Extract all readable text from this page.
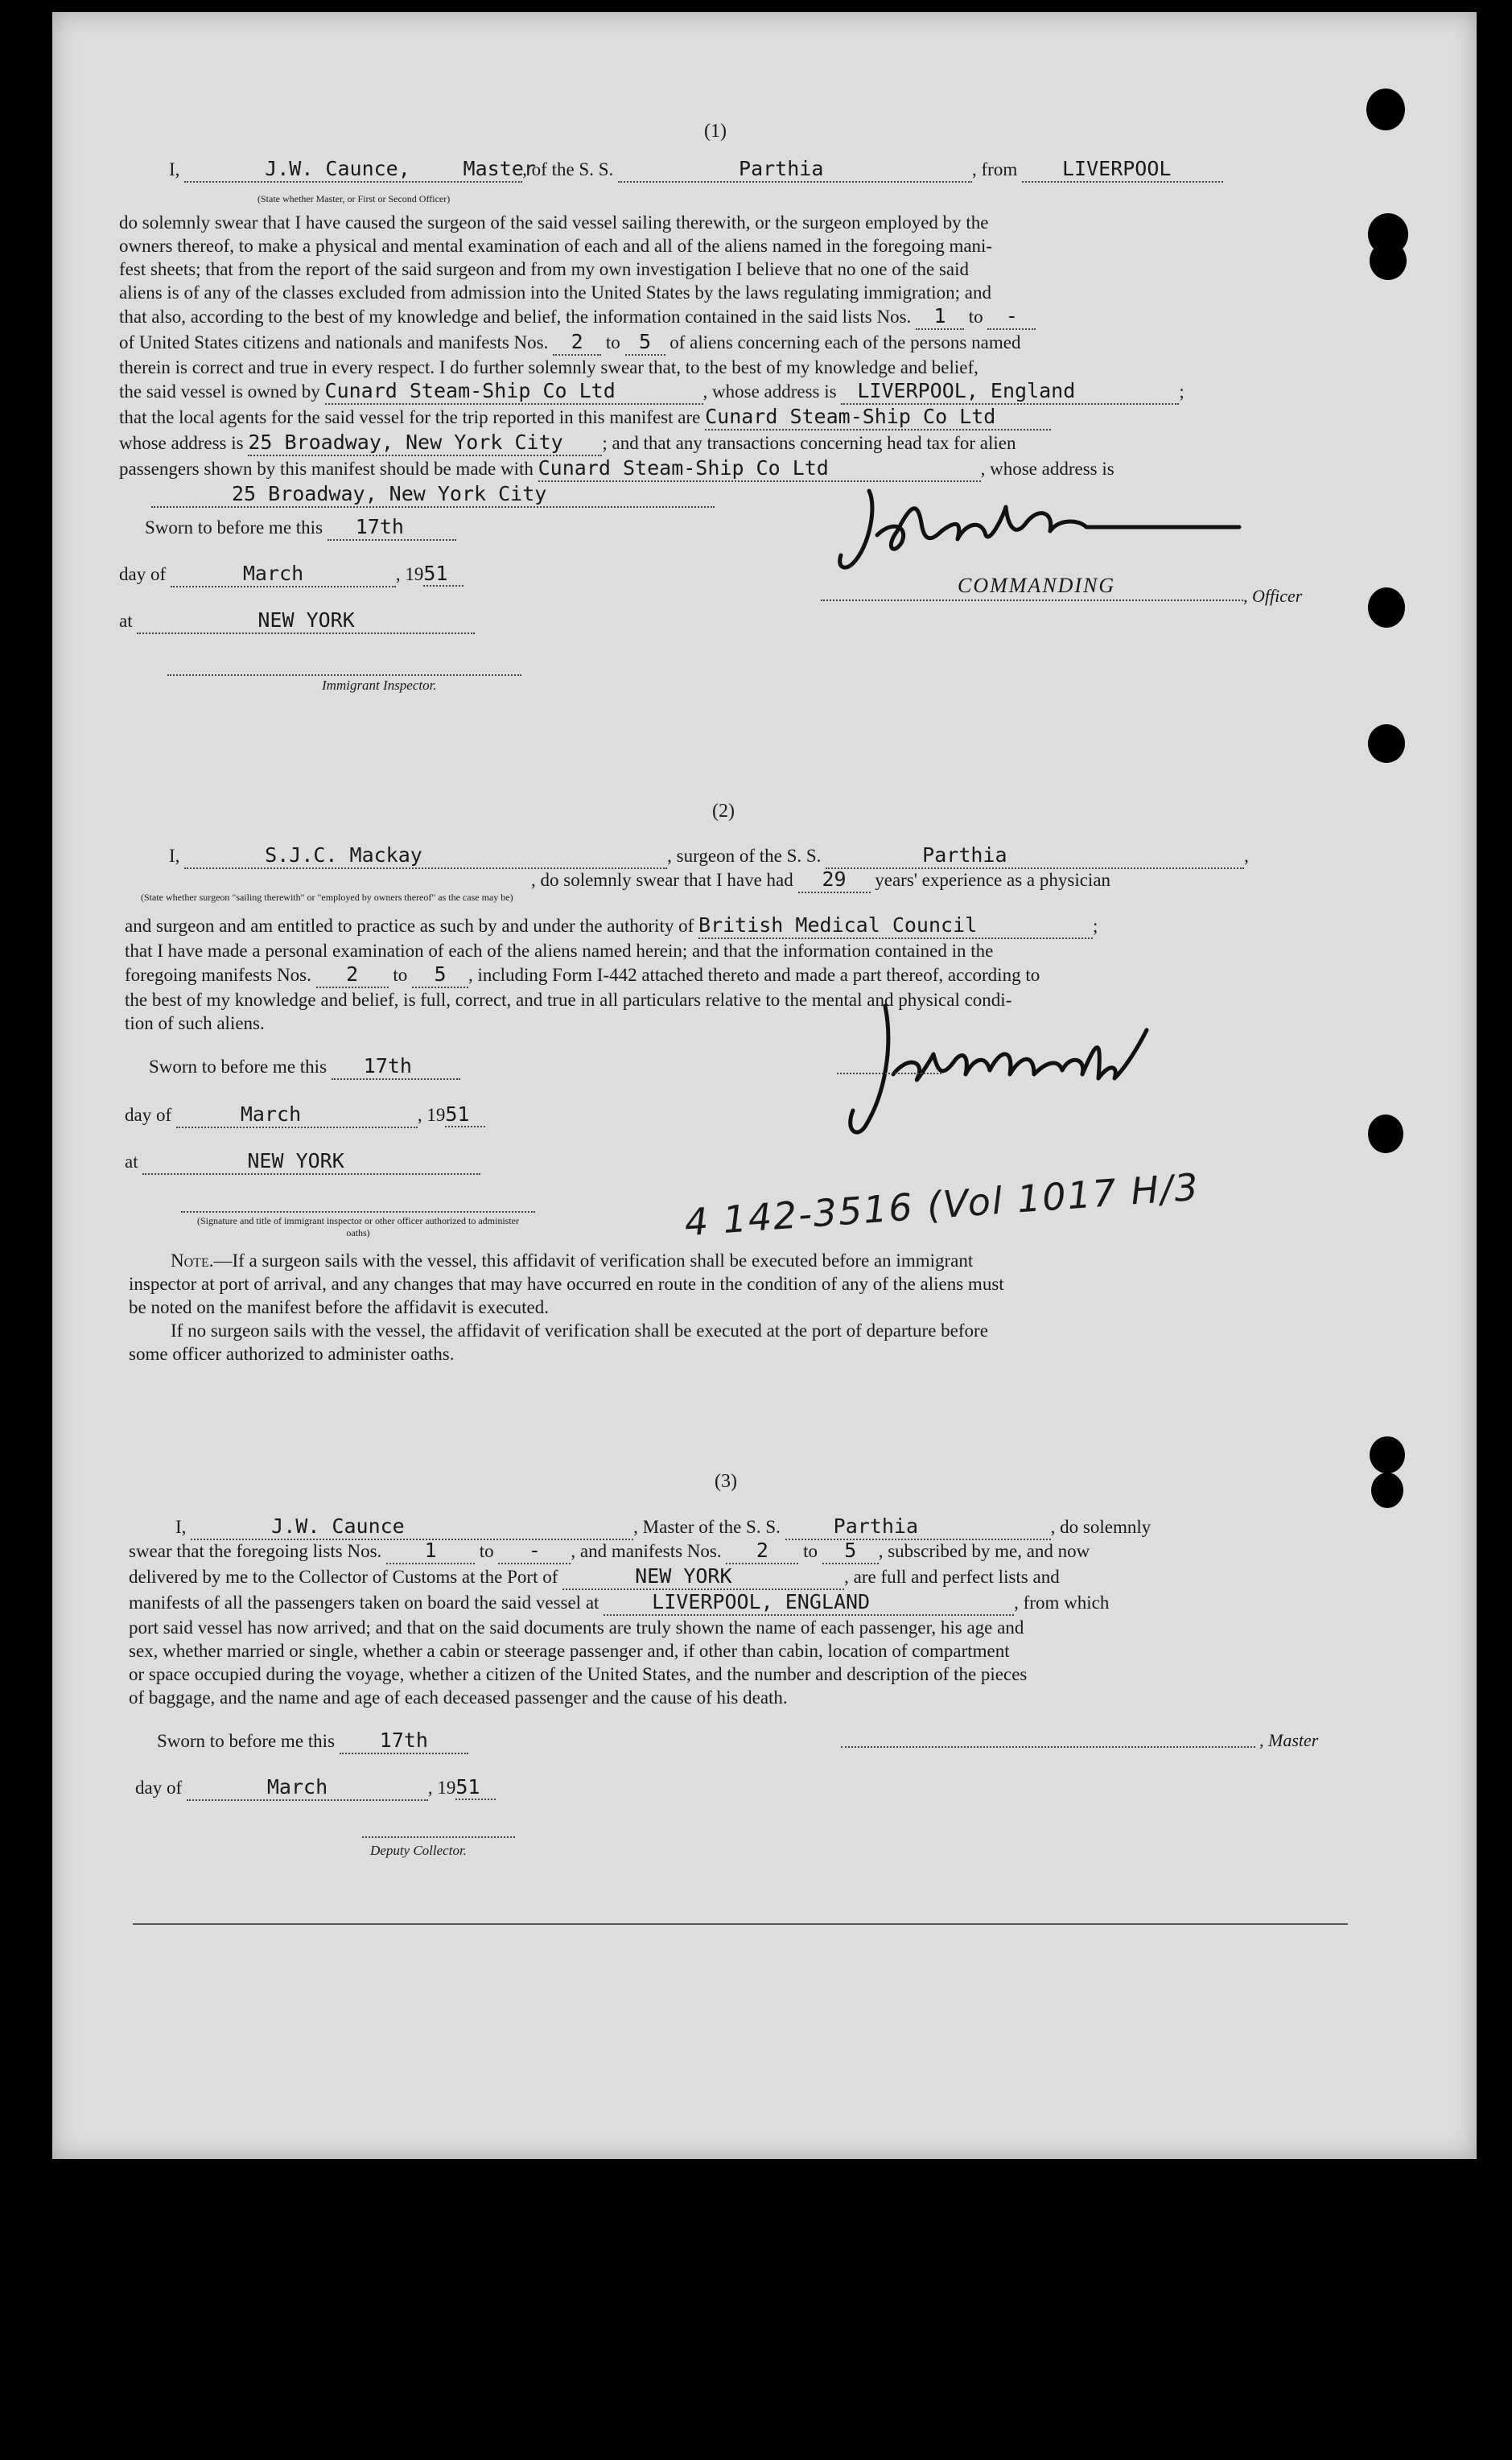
(1)
I,	J.W. Caunce,	Master, of the S. S.	Parthia	, from LIVERPOOL
(State whether Master, or First or Second Officer)
do solemnly swear that I have caused the surgeon of the said vessel sailing therewith, or the surgeon employed by the
owners thereof, to make a physical and mental examination of each and all of the aliens named in the foregoing mani-
fest sheets; that from the report of the said surgeon and from my own investigation I believe that no one of the said
aliens is of any of the classes excluded from admission into the United States by the laws regulating immigration; and
that also, according to the best of my knowledge and belief, the information contained in the said lists Nos. 1 to -
of United States citizens and nationals and manifests Nos. 2 to 5 of aliens concerning each of the persons named
therein is correct and true in every respect. I do further solemnly swear that, to the best of my knowledge and belief,
the said vessel is owned by Cunard Steam-Ship Co Ltd	, whose address is LIVERPOOL, England	;
that the local agents for the said vessel for the trip reported in this manifest are Cunard Steam-Ship Co Ltd
whose address is 25 Broadway, New York City ; and that any transactions concerning head tax for alien
passengers shown by this manifest should be made with Cunard Steam-Ship Co Ltd	, whose address is
25 Broadway, New York City
Sworn to before me this 17th
day of	March	, 1951
at	NEW YORK
Immigrant Inspector.
COMMANDING	, Officer
(2)
I,	S.J.C. Mackay	, surgeon of the S. S.	Parthia	,
, do solemnly swear that I have had 29 years' experience as a physician
(State whether surgeon "sailing therewith" or "employed by owners thereof" as the case may be)
and surgeon and am entitled to practice as such by and under the authority of British Medical Council	;
that I have made a personal examination of each of the aliens named herein; and that the information contained in the
foregoing manifests Nos. 2 to 5 , including Form I-442 attached thereto and made a part thereof, according to
the best of my knowledge and belief, is full, correct, and true in all particulars relative to the mental and physical condi-
tion of such aliens.
Sworn to before me this 17th
day of	March	, 1951
at	NEW YORK
(Signature and title of immigrant inspector or other officer authorized to administer oaths)	4 142-3516 (Vol 1017 H/3
Note.—If a surgeon sails with the vessel, this affidavit of verification shall be executed before an immigrant
inspector at port of arrival, and any changes that may have occurred en route in the condition of any of the aliens must
be noted on the manifest before the affidavit is executed.
If no surgeon sails with the vessel, the affidavit of verification shall be executed at the port of departure before
some officer authorized to administer oaths.
(3)
I,	J.W. Caunce	, Master of the S. S.	Parthia	, do solemnly
swear that the foregoing lists Nos. 1 to - , and manifests Nos. 2 to 5 , subscribed by me, and now
delivered by me to the Collector of Customs at the Port of	NEW YORK	, are full and perfect lists and
manifests of all the passengers taken on board the said vessel at	LIVERPOOL, ENGLAND	, from which
port said vessel has now arrived; and that on the said documents are truly shown the name of each passenger, his age and
sex, whether married or single, whether a cabin or steerage passenger and, if other than cabin, location of compartment
or space occupied during the voyage, whether a citizen of the United States, and the number and description of the pieces
of baggage, and the name and age of each deceased passenger and the cause of his death.
Sworn to before me this 17th
day of	March	, 1951
Deputy Collector.
, Master
